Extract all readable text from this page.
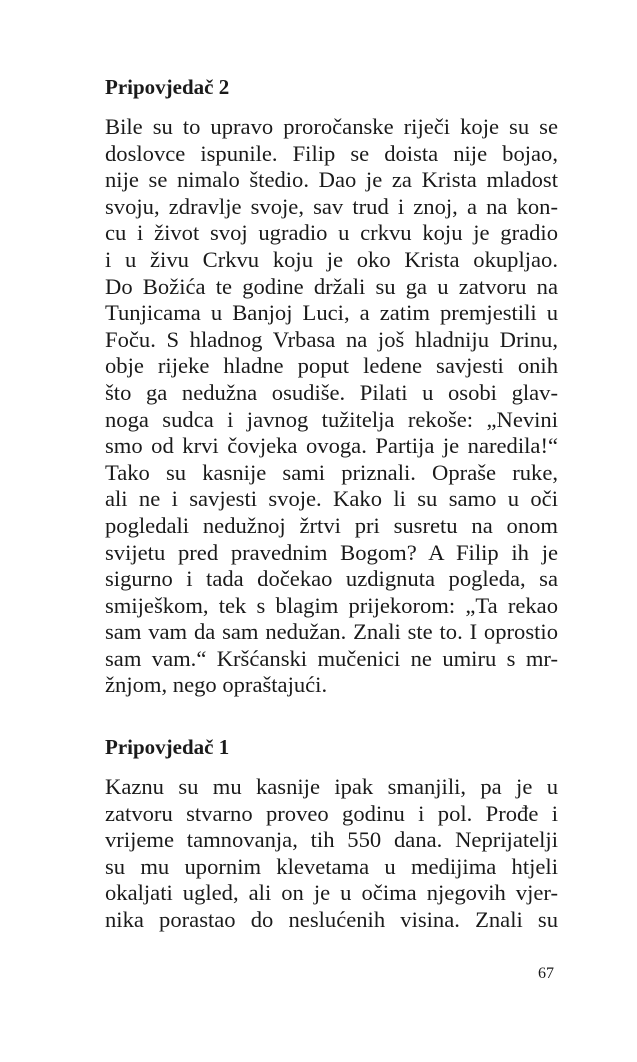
Pripovjedač 2
Bile su to upravo proročanske riječi koje su se
doslovce ispunile. Filip se doista nije bojao,
nije se nimalo štedio. Dao je za Krista mladost
svoju, zdravlje svoje, sav trud i znoj, a na kon-
cu i život svoj ugradio u crkvu koju je gradio
i u živu Crkvu koju je oko Krista okupljao.
Do Božića te godine držali su ga u zatvoru na
Tunjicama u Banjoj Luci, a zatim premjestili u
Foču. S hladnog Vrbasa na još hladniju Drinu,
obje rijeke hladne poput ledene savjesti onih
što ga nedužna osudiše. Pilati u osobi glav-
noga sudca i javnog tužitelja rekoše: „Nevini
smo od krvi čovjeka ovoga. Partija je naredila!“
Tako su kasnije sami priznali. Opraše ruke,
ali ne i savjesti svoje. Kako li su samo u oči
pogledali nedužnoj žrtvi pri susretu na onom
svijetu pred pravednim Bogom? A Filip ih je
sigurno i tada dočekao uzdignuta pogleda, sa
smiješkom, tek s blagim prijekorom: „Ta rekao
sam vam da sam nedužan. Znali ste to. I oprostio
sam vam.“ Kršćanski mučenici ne umiru s mr-
žnjom, nego opraštajući.
Pripovjedač 1
Kaznu su mu kasnije ipak smanjili, pa je u
zatvoru stvarno proveo godinu i pol. Prođe i
vrijeme tamnovanja, tih 550 dana. Neprijatelji
su mu upornim klevetama u medijima htjeli
okaljati ugled, ali on je u očima njegovih vjer-
nika porastao do neslućenih visina. Znali su
67
